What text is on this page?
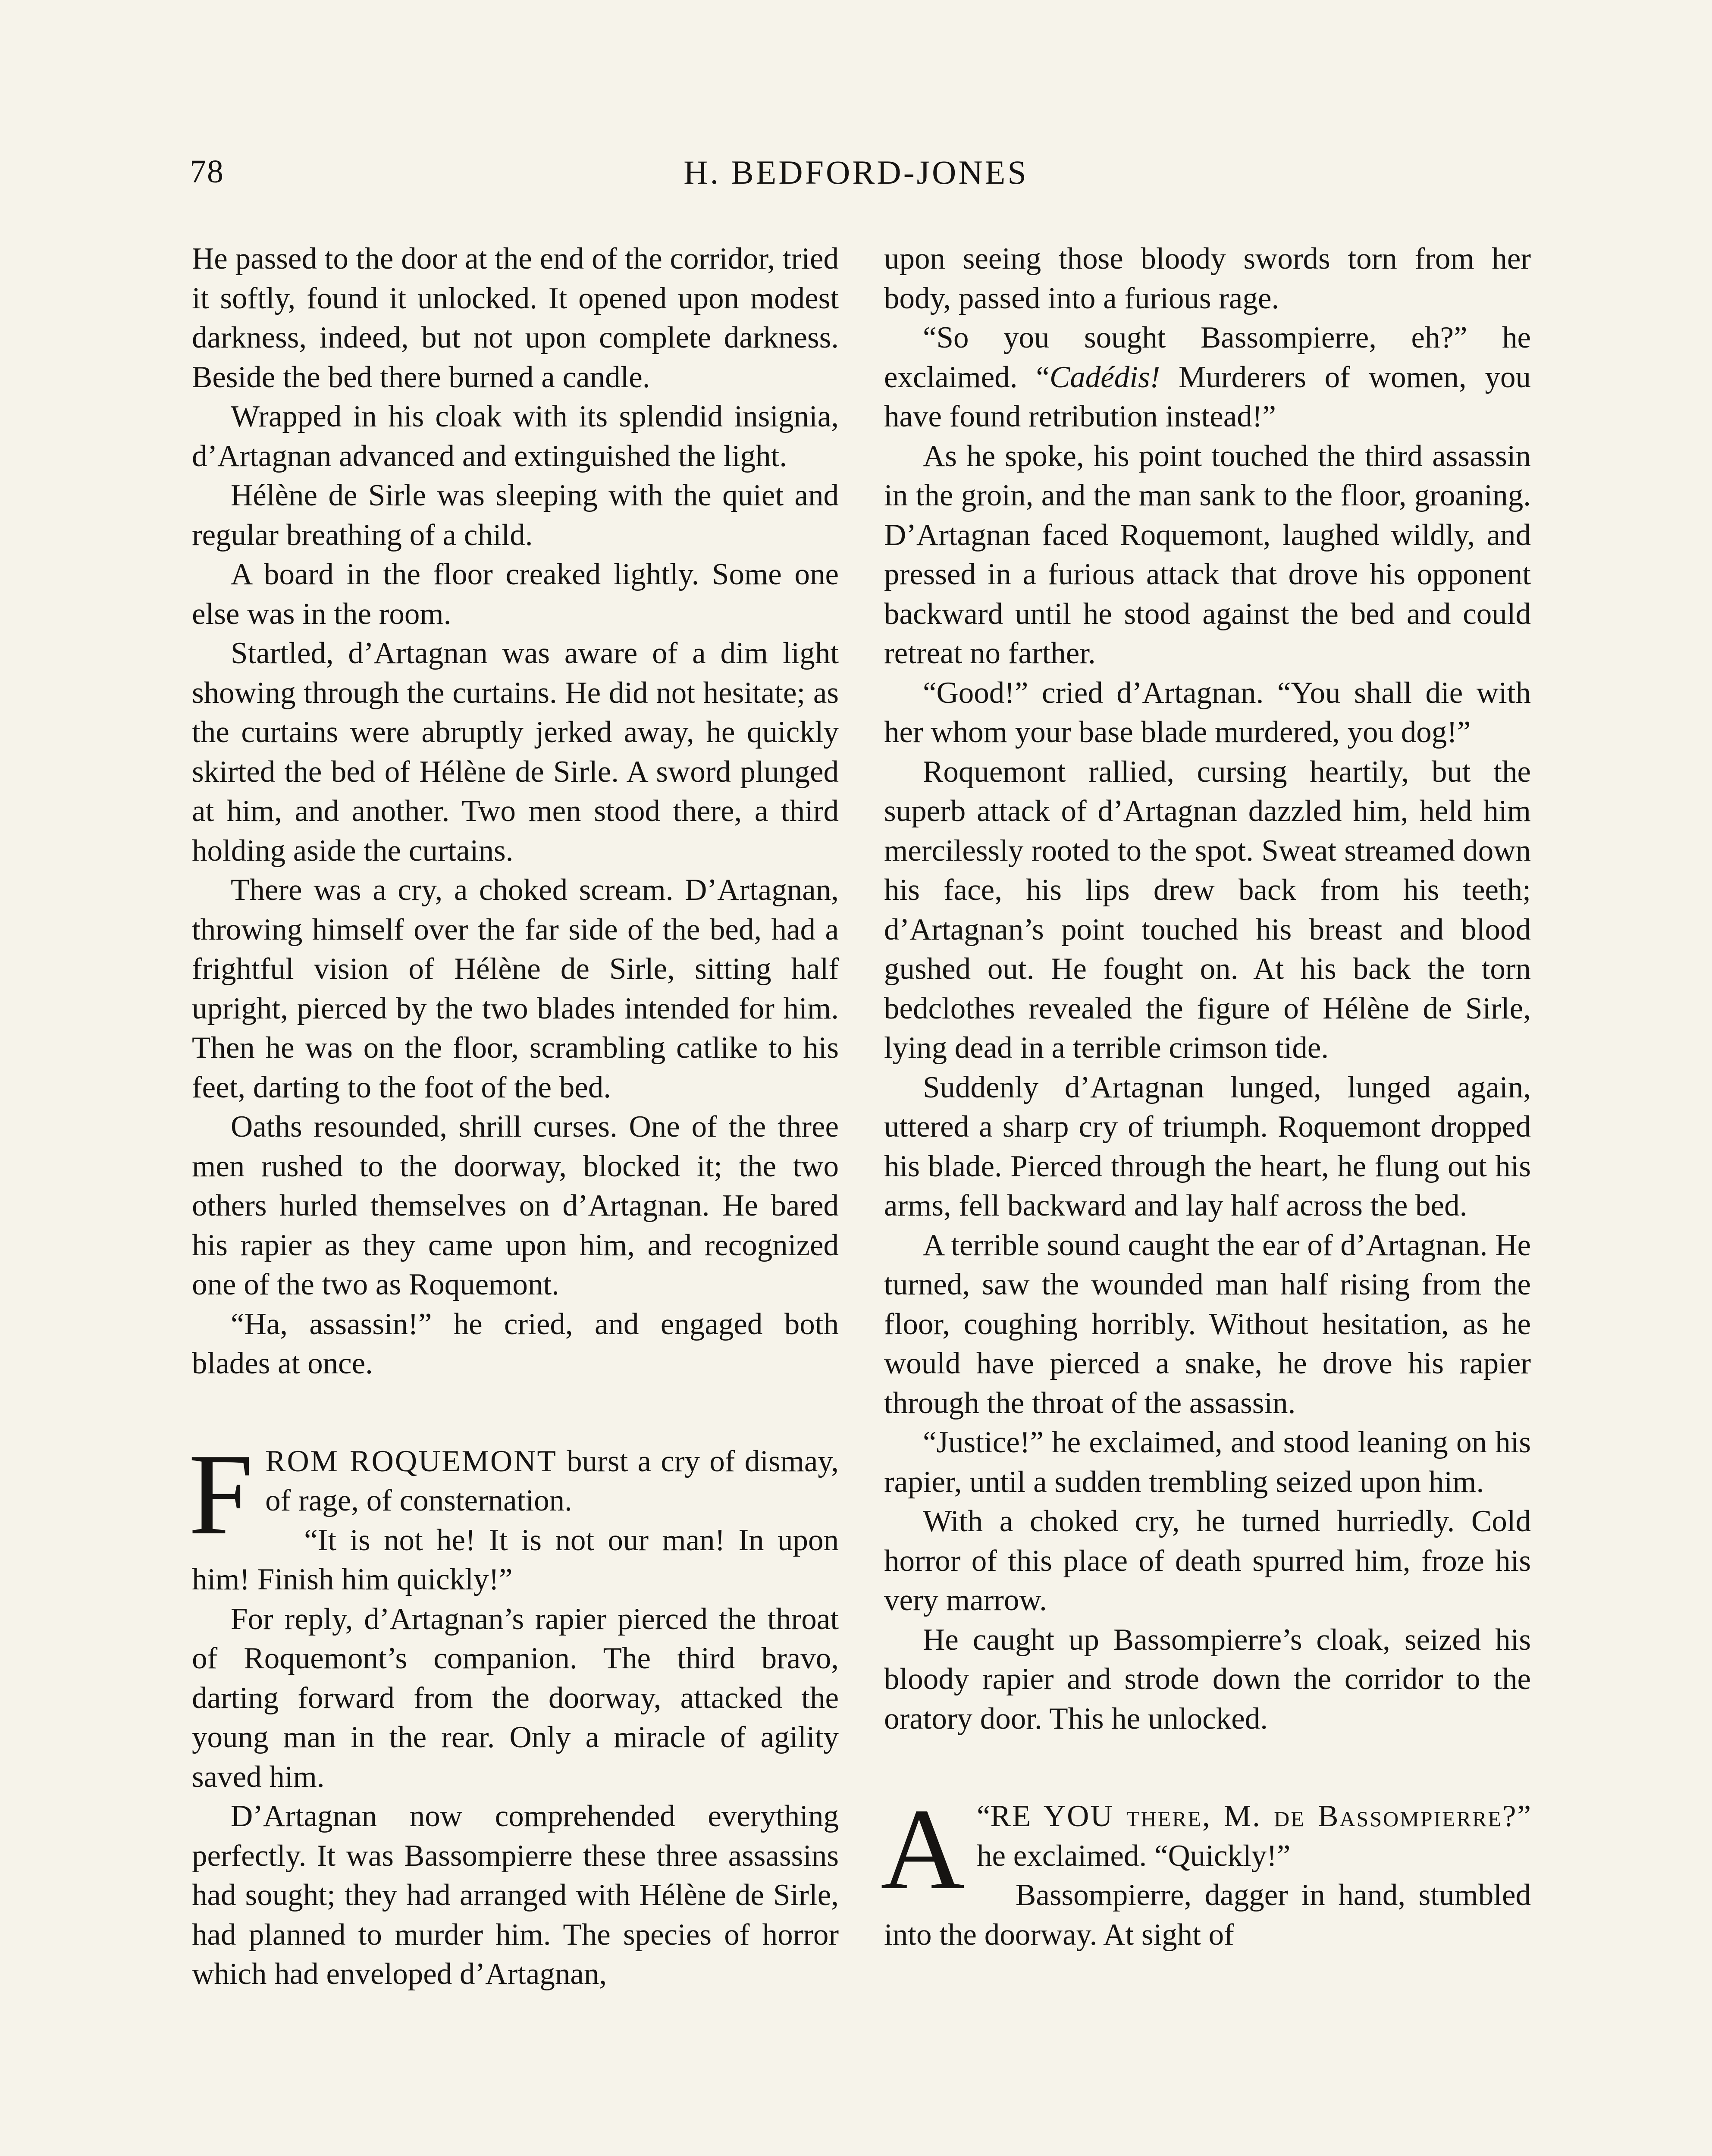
78	H. BEDFORD-JONES

He passed to the door at the end of the corridor, tried it softly, found it unlocked. It opened upon modest darkness, indeed, but not upon complete darkness. Beside the bed there burned a candle.

Wrapped in his cloak with its splendid insignia, d’Artagnan advanced and extinguished the light.

Hélène de Sirle was sleeping with the quiet and regular breathing of a child.

A board in the floor creaked lightly. Some one else was in the room.

Startled, d’Artagnan was aware of a dim light showing through the curtains. He did not hesitate; as the curtains were abruptly jerked away, he quickly skirted the bed of Hélène de Sirle. A sword plunged at him, and another. Two men stood there, a third holding aside the curtains.

There was a cry, a choked scream. D’Artagnan, throwing himself over the far side of the bed, had a frightful vision of Hélène de Sirle, sitting half upright, pierced by the two blades intended for him. Then he was on the floor, scrambling catlike to his feet, darting to the foot of the bed.

Oaths resounded, shrill curses. One of the three men rushed to the doorway, blocked it; the two others hurled themselves on d’Artagnan. He bared his rapier as they came upon him, and recognized one of the two as Roquemont.

“Ha, assassin!” he cried, and engaged both blades at once.

FROM ROQUEMONT burst a cry of dismay, of rage, of consternation.

“It is not he! It is not our man! In upon him! Finish him quickly!”

For reply, d’Artagnan’s rapier pierced the throat of Roquemont’s companion. The third bravo, darting forward from the doorway, attacked the young man in the rear. Only a miracle of agility saved him.

D’Artagnan now comprehended everything perfectly. It was Bassompierre these three assassins had sought; they had arranged with Hélène de Sirle, had planned to murder him. The species of horror which had enveloped d’Artagnan,

upon seeing those bloody swords torn from her body, passed into a furious rage.

“So you sought Bassompierre, eh?” he exclaimed. “Cadédis! Murderers of women, you have found retribution instead!”

As he spoke, his point touched the third assassin in the groin, and the man sank to the floor, groaning. D’Artagnan faced Roquemont, laughed wildly, and pressed in a furious attack that drove his opponent backward until he stood against the bed and could retreat no farther.

“Good!” cried d’Artagnan. “You shall die with her whom your base blade murdered, you dog!”

Roquemont rallied, cursing heartily, but the superb attack of d’Artagnan dazzled him, held him mercilessly rooted to the spot. Sweat streamed down his face, his lips drew back from his teeth; d’Artagnan’s point touched his breast and blood gushed out. He fought on. At his back the torn bedclothes revealed the figure of Hélène de Sirle, lying dead in a terrible crimson tide.

Suddenly d’Artagnan lunged, lunged again, uttered a sharp cry of triumph. Roquemont dropped his blade. Pierced through the heart, he flung out his arms, fell backward and lay half across the bed.

A terrible sound caught the ear of d’Artagnan. He turned, saw the wounded man half rising from the floor, coughing horribly. Without hesitation, as he would have pierced a snake, he drove his rapier through the throat of the assassin.

“Justice!” he exclaimed, and stood leaning on his rapier, until a sudden trembling seized upon him.

With a choked cry, he turned hurriedly. Cold horror of this place of death spurred him, froze his very marrow.

He caught up Bassompierre’s cloak, seized his bloody rapier and strode down the corridor to the oratory door. This he unlocked.

“
A RE YOU there, M. de Bassompierre?” he exclaimed. “Quickly!”

Bassompierre, dagger in hand, stumbled into the doorway. At sight of
